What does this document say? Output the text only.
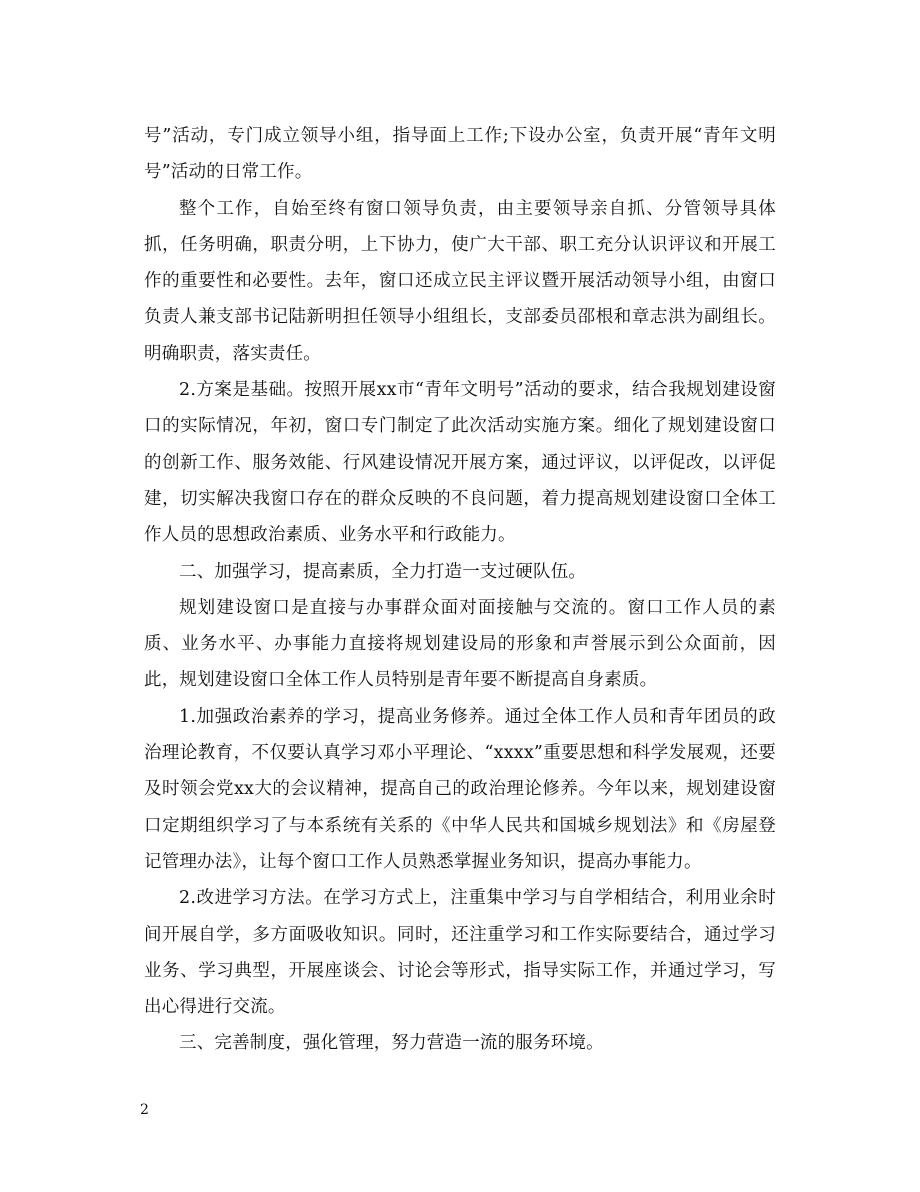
号”活动，专门成立领导小组，指导面上工作;下设办公室，负责开展“青年文明号”活动的日常工作。

整个工作，自始至终有窗口领导负责，由主要领导亲自抓、分管领导具体抓，任务明确，职责分明，上下协力，使广大干部、职工充分认识评议和开展工作的重要性和必要性。去年，窗口还成立民主评议暨开展活动领导小组，由窗口负责人兼支部书记陆新明担任领导小组组长，支部委员邵根和章志洪为副组长。明确职责，落实责任。

2.方案是基础。按照开展xx市“青年文明号”活动的要求，结合我规划建设窗口的实际情况，年初，窗口专门制定了此次活动实施方案。细化了规划建设窗口的创新工作、服务效能、行风建设情况开展方案，通过评议，以评促改，以评促建，切实解决我窗口存在的群众反映的不良问题，着力提高规划建设窗口全体工作人员的思想政治素质、业务水平和行政能力。

二、加强学习，提高素质，全力打造一支过硬队伍。

规划建设窗口是直接与办事群众面对面接触与交流的。窗口工作人员的素质、业务水平、办事能力直接将规划建设局的形象和声誉展示到公众面前，因此，规划建设窗口全体工作人员特别是青年要不断提高自身素质。

1.加强政治素养的学习，提高业务修养。通过全体工作人员和青年团员的政治理论教育，不仅要认真学习邓小平理论、“xxxx”重要思想和科学发展观，还要及时领会党xx大的会议精神，提高自己的政治理论修养。今年以来，规划建设窗口定期组织学习了与本系统有关系的《中华人民共和国城乡规划法》和《房屋登记管理办法》，让每个窗口工作人员熟悉掌握业务知识，提高办事能力。

2.改进学习方法。在学习方式上，注重集中学习与自学相结合，利用业余时间开展自学，多方面吸收知识。同时，还注重学习和工作实际要结合，通过学习业务、学习典型，开展座谈会、讨论会等形式，指导实际工作，并通过学习，写出心得进行交流。

三、完善制度，强化管理，努力营造一流的服务环境。

2
